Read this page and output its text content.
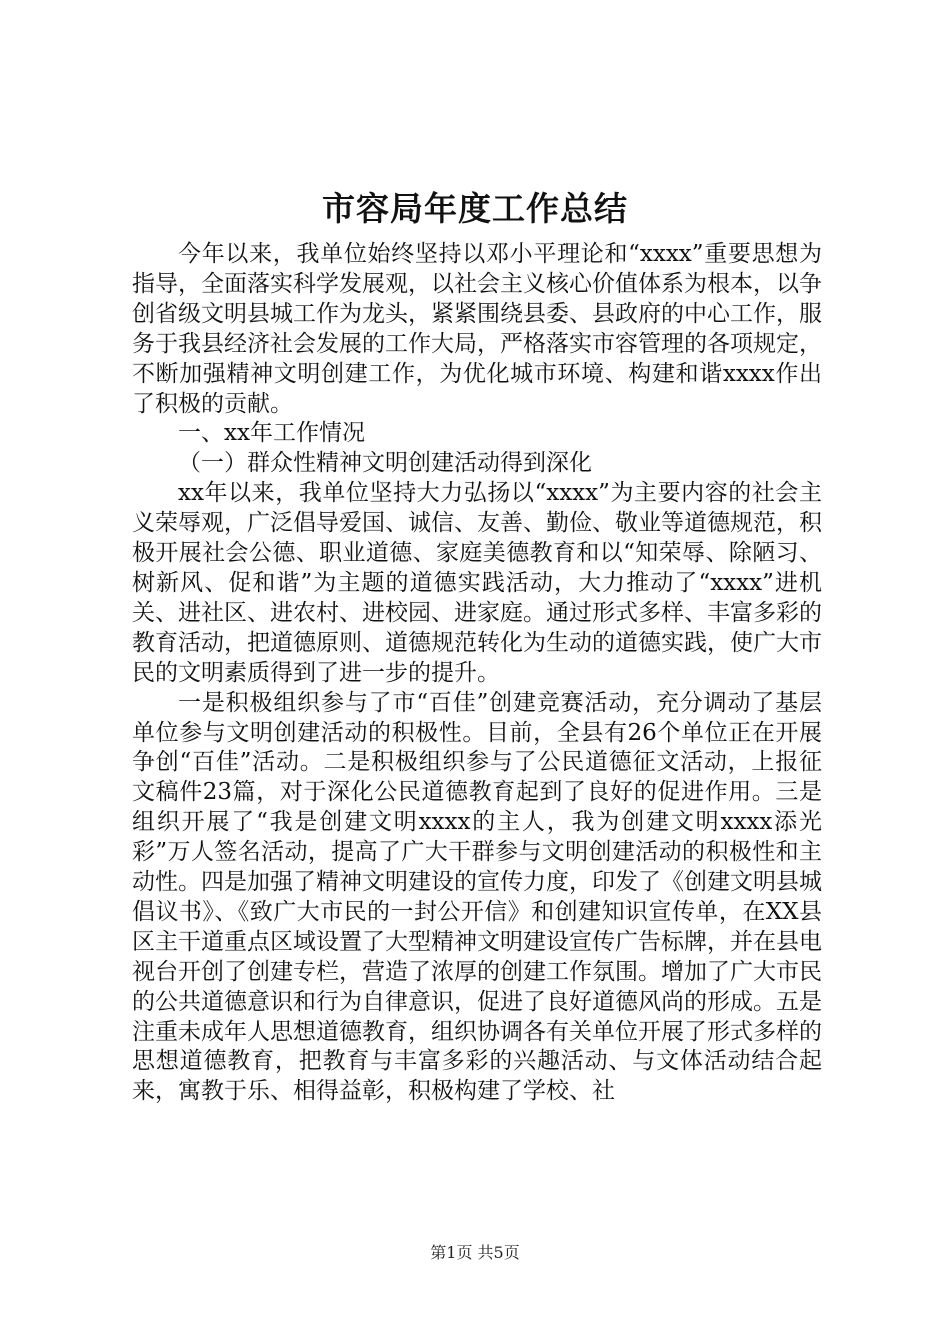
市容局年度工作总结

今年以来，我单位始终坚持以邓小平理论和“xxxx”重要思想为指导，全面落实科学发展观，以社会主义核心价值体系为根本，以争创省级文明县城工作为龙头，紧紧围绕县委、县政府的中心工作，服务于我县经济社会发展的工作大局，严格落实市容管理的各项规定，不断加强精神文明创建工作，为优化城市环境、构建和谐xxxx作出了积极的贡献。

一、xx年工作情况

（一）群众性精神文明创建活动得到深化

xx年以来，我单位坚持大力弘扬以“xxxx”为主要内容的社会主义荣辱观，广泛倡导爱国、诚信、友善、勤俭、敬业等道德规范，积极开展社会公德、职业道德、家庭美德教育和以“知荣辱、除陋习、树新风、促和谐”为主题的道德实践活动，大力推动了“xxxx”进机关、进社区、进农村、进校园、进家庭。通过形式多样、丰富多彩的教育活动，把道德原则、道德规范转化为生动的道德实践，使广大市民的文明素质得到了进一步的提升。

一是积极组织参与了市“百佳”创建竞赛活动，充分调动了基层单位参与文明创建活动的积极性。目前，全县有26个单位正在开展争创“百佳”活动。二是积极组织参与了公民道德征文活动，上报征文稿件23篇，对于深化公民道德教育起到了良好的促进作用。三是组织开展了“我是创建文明xxxx的主人，我为创建文明xxxx添光彩”万人签名活动，提高了广大干群参与文明创建活动的积极性和主动性。四是加强了精神文明建设的宣传力度，印发了《创建文明县城倡议书》、《致广大市民的一封公开信》和创建知识宣传单，在XX县区主干道重点区域设置了大型精神文明建设宣传广告标牌，并在县电视台开创了创建专栏，营造了浓厚的创建工作氛围。增加了广大市民的公共道德意识和行为自律意识，促进了良好道德风尚的形成。五是注重未成年人思想道德教育，组织协调各有关单位开展了形式多样的思想道德教育，把教育与丰富多彩的兴趣活动、与文体活动结合起来，寓教于乐、相得益彰，积极构建了学校、社

第1页 共5页
